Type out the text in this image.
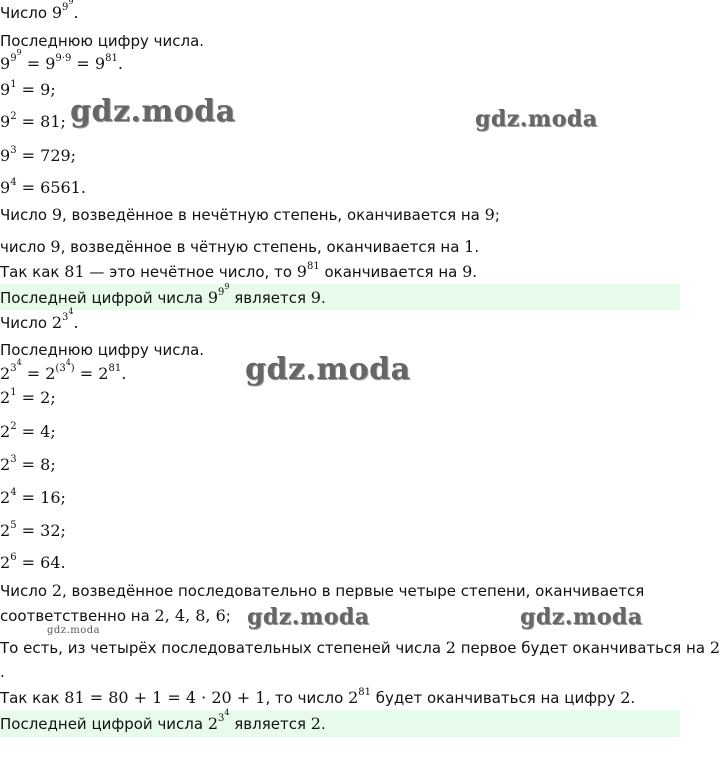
Число $9^{9^9}$.
Последнюю цифру числа.
$9^{9^9} = 9^{9\cdot 9} = 9^{81}$.
$9^1 = 9$;
$9^2 = 81$;
$9^3 = 729$;
$9^4 = 6561$.
Число 9, возведённое в нечётную степень, оканчивается на 9;
число 9, возведённое в чётную степень, оканчивается на 1.
Так как 81 — это нечётное число, то $9^{81}$ оканчивается на 9.
Последней цифрой числа $9^{9^9}$ является 9.
Число $2^{3^4}$.
Последнюю цифру числа.
$2^{3^4} = 2^{(3^4)} = 2^{81}$.
$2^1 = 2$;
$2^2 = 4$;
$2^3 = 8$;
$2^4 = 16$;
$2^5 = 32$;
$2^6 = 64$.
Число 2, возведённое последовательно в первые четыре степени, оканчивается
соответственно на 2, 4, 8, 6;
То есть, из четырёх последовательных степеней числа 2 первое будет оканчиваться на 2
.
Так как 81 = 80 + 1 = 4 · 20 + 1, то число $2^{81}$ будет оканчиваться на цифру 2.
Последней цифрой числа $2^{3^4}$ является 2.
gdz.moda	gdz.moda
gdz.moda
gdz.moda	gdz.moda
gdz.moda
